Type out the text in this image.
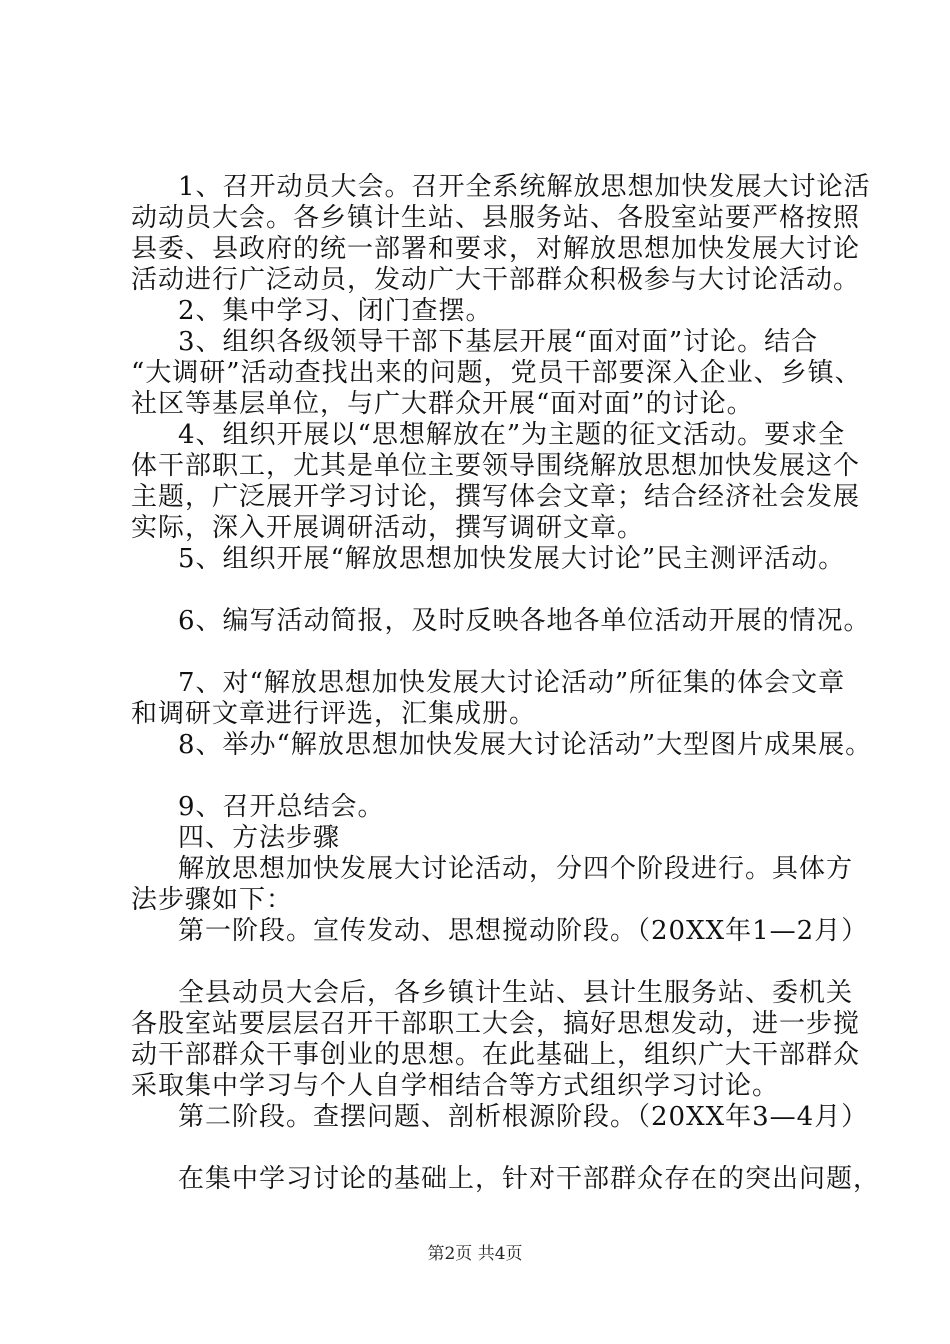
1、召开动员大会。召开全系统解放思想加快发展大讨论活
动动员大会。各乡镇计生站、县服务站、各股室站要严格按照
县委、县政府的统一部署和要求，对解放思想加快发展大讨论
活动进行广泛动员，发动广大干部群众积极参与大讨论活动。
2、集中学习、闭门查摆。
3、组织各级领导干部下基层开展“面对面”讨论。结合
“大调研”活动查找出来的问题，党员干部要深入企业、乡镇、
社区等基层单位，与广大群众开展“面对面”的讨论。
4、组织开展以“思想解放在”为主题的征文活动。要求全
体干部职工，尤其是单位主要领导围绕解放思想加快发展这个
主题，广泛展开学习讨论，撰写体会文章；结合经济社会发展
实际，深入开展调研活动，撰写调研文章。
5、组织开展“解放思想加快发展大讨论”民主测评活动。
6、编写活动简报，及时反映各地各单位活动开展的情况。
7、对“解放思想加快发展大讨论活动”所征集的体会文章
和调研文章进行评选，汇集成册。
8、举办“解放思想加快发展大讨论活动”大型图片成果展。
9、召开总结会。
四、方法步骤
解放思想加快发展大讨论活动，分四个阶段进行。具体方
法步骤如下：
第一阶段。宣传发动、思想搅动阶段。（20XX年1—2月）
全县动员大会后，各乡镇计生站、县计生服务站、委机关
各股室站要层层召开干部职工大会，搞好思想发动，进一步搅
动干部群众干事创业的思想。在此基础上，组织广大干部群众
采取集中学习与个人自学相结合等方式组织学习讨论。
第二阶段。查摆问题、剖析根源阶段。（20XX年3—4月）
在集中学习讨论的基础上，针对干部群众存在的突出问题，
第2页 共4页
